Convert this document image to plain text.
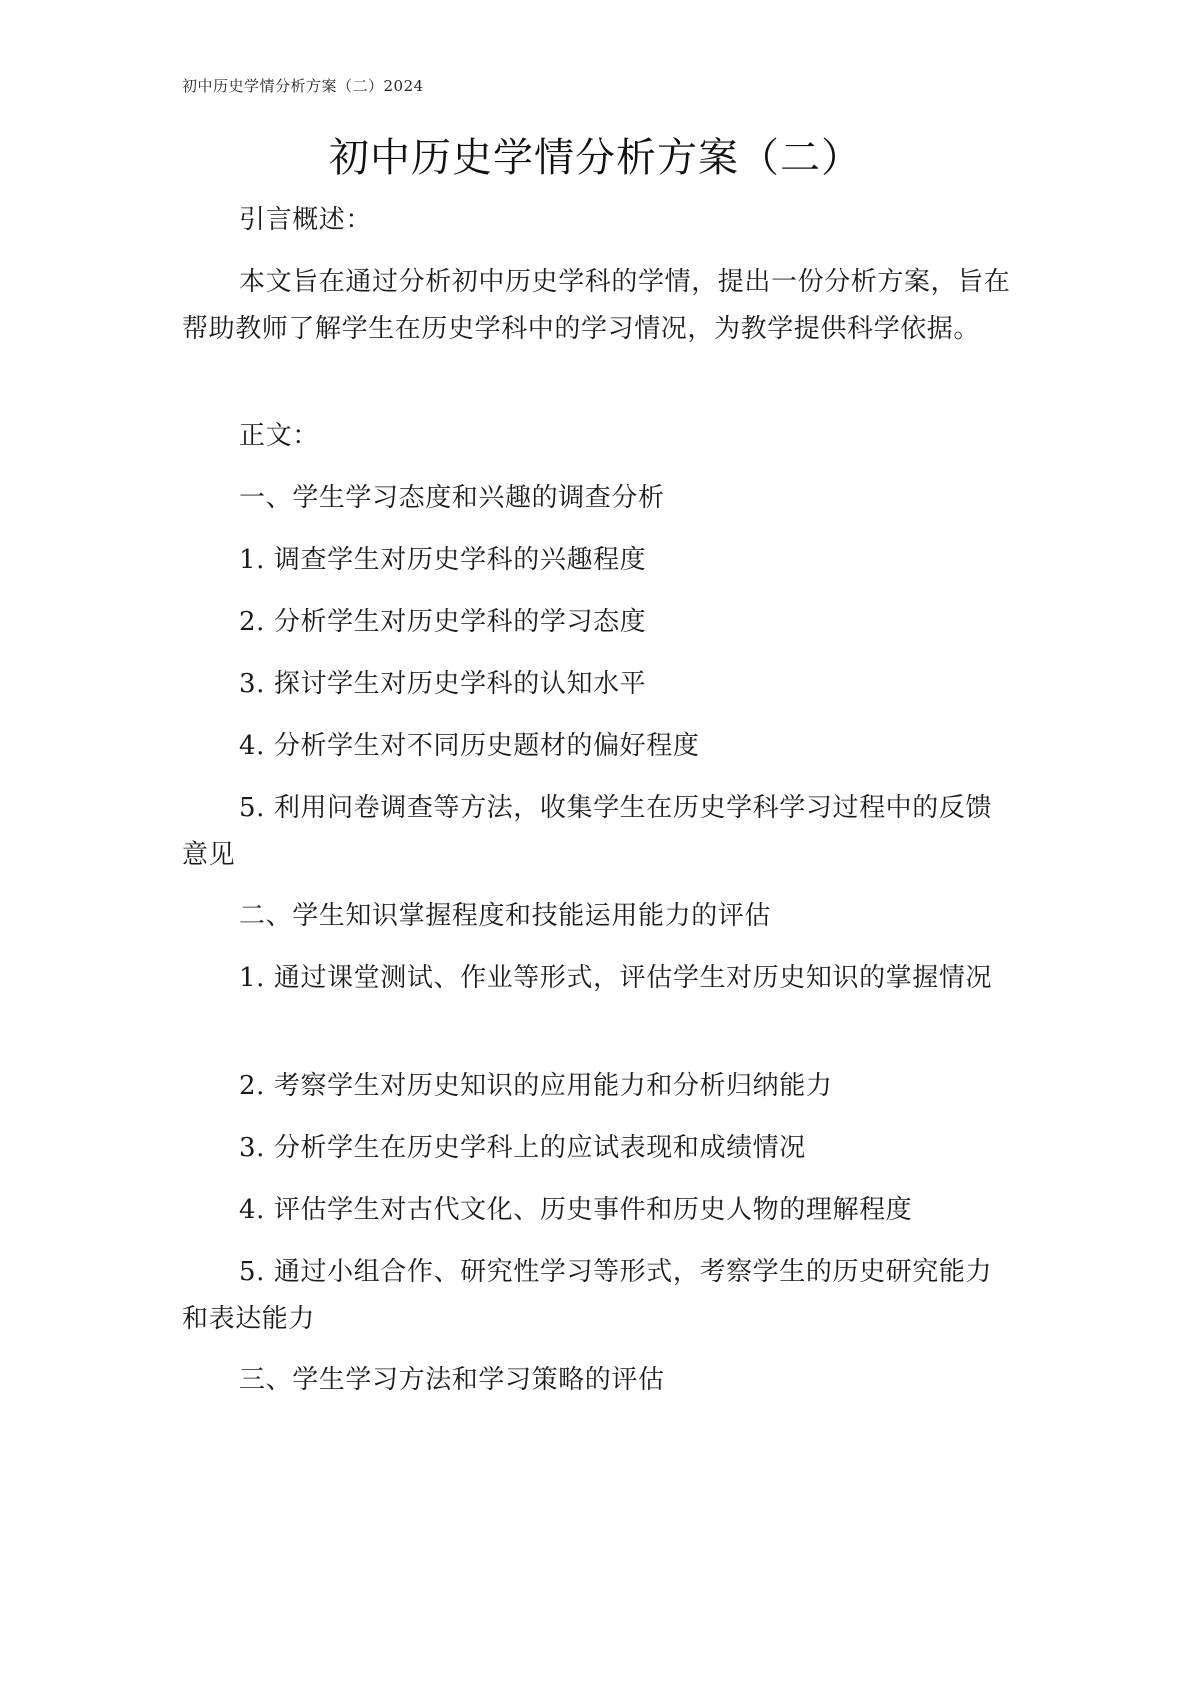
初中历史学情分析方案（二）2024
初中历史学情分析方案（二）

引言概述：

本文旨在通过分析初中历史学科的学情，提出一份分析方案，旨在帮助教师了解学生在历史学科中的学习情况，为教学提供科学依据。

正文：

一、学生学习态度和兴趣的调查分析

1. 调查学生对历史学科的兴趣程度

2. 分析学生对历史学科的学习态度

3. 探讨学生对历史学科的认知水平

4. 分析学生对不同历史题材的偏好程度

5. 利用问卷调查等方法，收集学生在历史学科学习过程中的反馈意见

二、学生知识掌握程度和技能运用能力的评估

1. 通过课堂测试、作业等形式，评估学生对历史知识的掌握情况

2. 考察学生对历史知识的应用能力和分析归纳能力

3. 分析学生在历史学科上的应试表现和成绩情况

4. 评估学生对古代文化、历史事件和历史人物的理解程度

5. 通过小组合作、研究性学习等形式，考察学生的历史研究能力和表达能力

三、学生学习方法和学习策略的评估
